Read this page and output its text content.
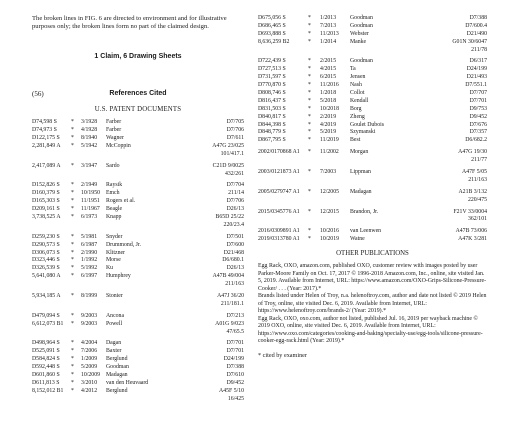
The broken lines in FIG. 6 are directed to environment and for illustrative purposes only; the broken lines form no part of the claimed design.

1 Claim, 6 Drawing Sheets
(56)	References Cited
U.S. PATENT DOCUMENTS
D74,598 S * 3/1928 Farber	D7/705
D74,973 S * 4/1928 Farber	D7/706
D122,175 S * 8/1940 Wagner	D7/611
2,281,849 A * 5/1942 McCoppin	A47G 23/025
101/417.1
2,417,089 A * 3/1947 Sardo	C21D 9/0025
432/261
D152,826 S * 2/1949 Raysik	D7/704
D160,379 S * 10/1950 Emch	211/14
D165,303 S * 11/1951 Rogers et al.	D7/706
D209,161 S * 11/1967 Beagle	D26/13
3,738,525 A * 6/1973 Knapp	B65D 25/22
220/23.4
D259,230 S * 5/1981 Snyder	D7/501
D290,573 S * 6/1987 Drummond, Jr.	D7/600
D306,073 S * 2/1990 Klitzner	D21/468
D323,446 S * 1/1992 Morse	D6/680.1
D326,539 S * 5/1992 Ku	D26/13
5,641,080 A * 6/1997 Humphrey	A47B 49/004
211/163
5,934,185 A * 8/1999 Stonier	A47J 36/20
211/181.1
D479,094 S * 9/2003 Ancona	D7/213
6,612,073 B1 * 9/2003 Powell	A01G 9/023
47/65.5
D498,964 S * 4/2004 Dagan	D7/701
D525,091 S * 7/2006 Baxter	D7/701
D584,824 S * 1/2009 Berglund	D24/199
D592,448 S * 5/2009 Goodman	D7/388
D601,860 S * 10/2009 Madagan	D7/610
D611,813 S * 3/2010 van den Heuvaard	D9/452
8,152,012 B1 * 4/2012 Berglund	A45F 5/10
16/425
D675,056 S	* 1/2013 Goodman	D7/388
D686,465 S	* 7/2013 Goodman	D7/600.4
D693,888 S	* 11/2013 Webster	D21/490
8,636,259 B2	* 1/2014 Manke	G01N 30/6047
211/78
D722,439 S	* 2/2015 Goodman	D6/317
D727,513 S	* 4/2015 Ta	D24/199
D731,597 S	* 6/2015 Jensen	D21/493
D770,870 S	* 11/2016 Nash	D7/551.1
D808,746 S	* 1/2018 Collot	D7/707
D816,437 S	* 5/2018 Kendall	D7/701
D831,503 S	* 10/2018 Borg	D9/753
D840,817 S	* 2/2019 Zheng	D9/452
D844,398 S	* 4/2019 Goulet Dubois	D7/676
D848,779 S	* 5/2019 Szymanski	D7/357
D867,795 S	* 11/2019 Best	D6/682.2
2002/0170868 A1 * 11/2002 Morgan	A47G 19/30
211/77
2003/0121873 A1 * 7/2003 Lippman	A47F 5/05
211/163
2005/0279747 A1 * 12/2005 Madagan	A21B 3/132
220/475
2015/0345776 A1 * 12/2015 Brandon, Jr.	F21V 33/0004
362/101
2016/0309891 A1 * 10/2016 van Leenwen	A47B 73/006
2019/0313780 A1 * 10/2019 Watne	A47K 3/281
OTHER PUBLICATIONS

Egg Rack, OXO, amazon.com, published OXO, customer review with images posted by user Parker-Moore Family on Oct. 17, 2017 © 1996-2018 Amazon.com, Inc., online, site visited Jan. 5, 2019. Available from Internet, URL: https://www.amazon.com/OXO-Grips-Silicone-Pressure-Cooker/ . . . (Year: 2017).*

Brands listed under Helen of Troy, n.a. helenoftroy.com, author and date not listed © 2019 Helen of Troy, online, site visited Dec. 6, 2019. Available from Internet, URL: https://www.helenoftroy.com/brands-2/ (Year: 2019).*

Egg Rack, OXO, oxo.com, author not listed, published Jul. 16, 2019 per wayback machine © 2019 OXO, online, site visited Dec. 6, 2019. Available from Internet, URL: https://www.oxo.com/categories/cooking-and-baking/specialty-use/egg-tools/silicone-pressure-cooker-egg-rack.html (Year: 2019).*

* cited by examiner
